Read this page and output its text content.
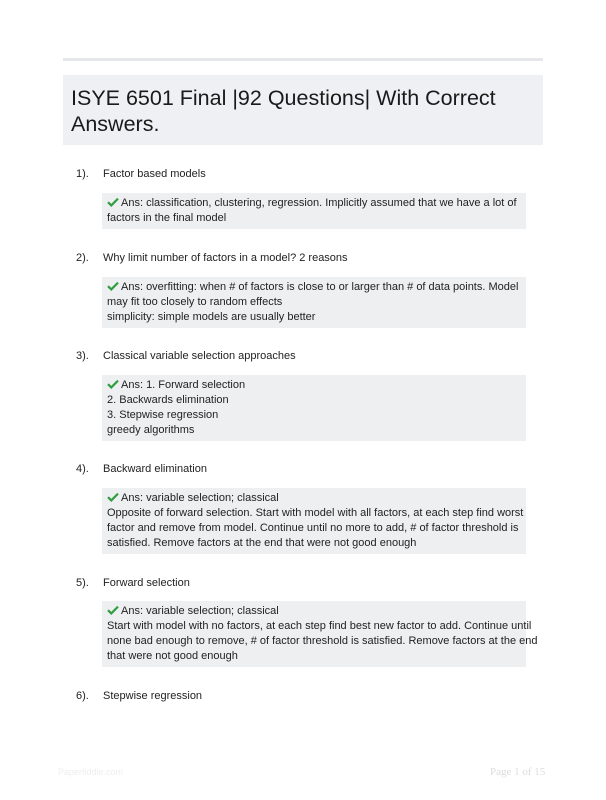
ISYE 6501 Final |92 Questions| With Correct
Answers.
1). Factor based models
Ans: classification, clustering, regression. Implicitly assumed that we have a lot of
factors in the final model
2). Why limit number of factors in a model? 2 reasons
Ans: overfitting: when # of factors is close to or larger than # of data points. Model
may fit too closely to random effects
simplicity: simple models are usually better
3). Classical variable selection approaches
Ans: 1. Forward selection
2. Backwards elimination
3. Stepwise regression
greedy algorithms
4). Backward elimination
Ans: variable selection; classical
Opposite of forward selection. Start with model with all factors, at each step find worst
factor and remove from model. Continue until no more to add, # of factor threshold is
satisfied. Remove factors at the end that were not good enough
5). Forward selection
Ans: variable selection; classical
Start with model with no factors, at each step find best new factor to add. Continue until
none bad enough to remove, # of factor threshold is satisfied. Remove factors at the end
that were not good enough
6). Stepwise regression
Paperfiddle.com	Page 1 of 15
